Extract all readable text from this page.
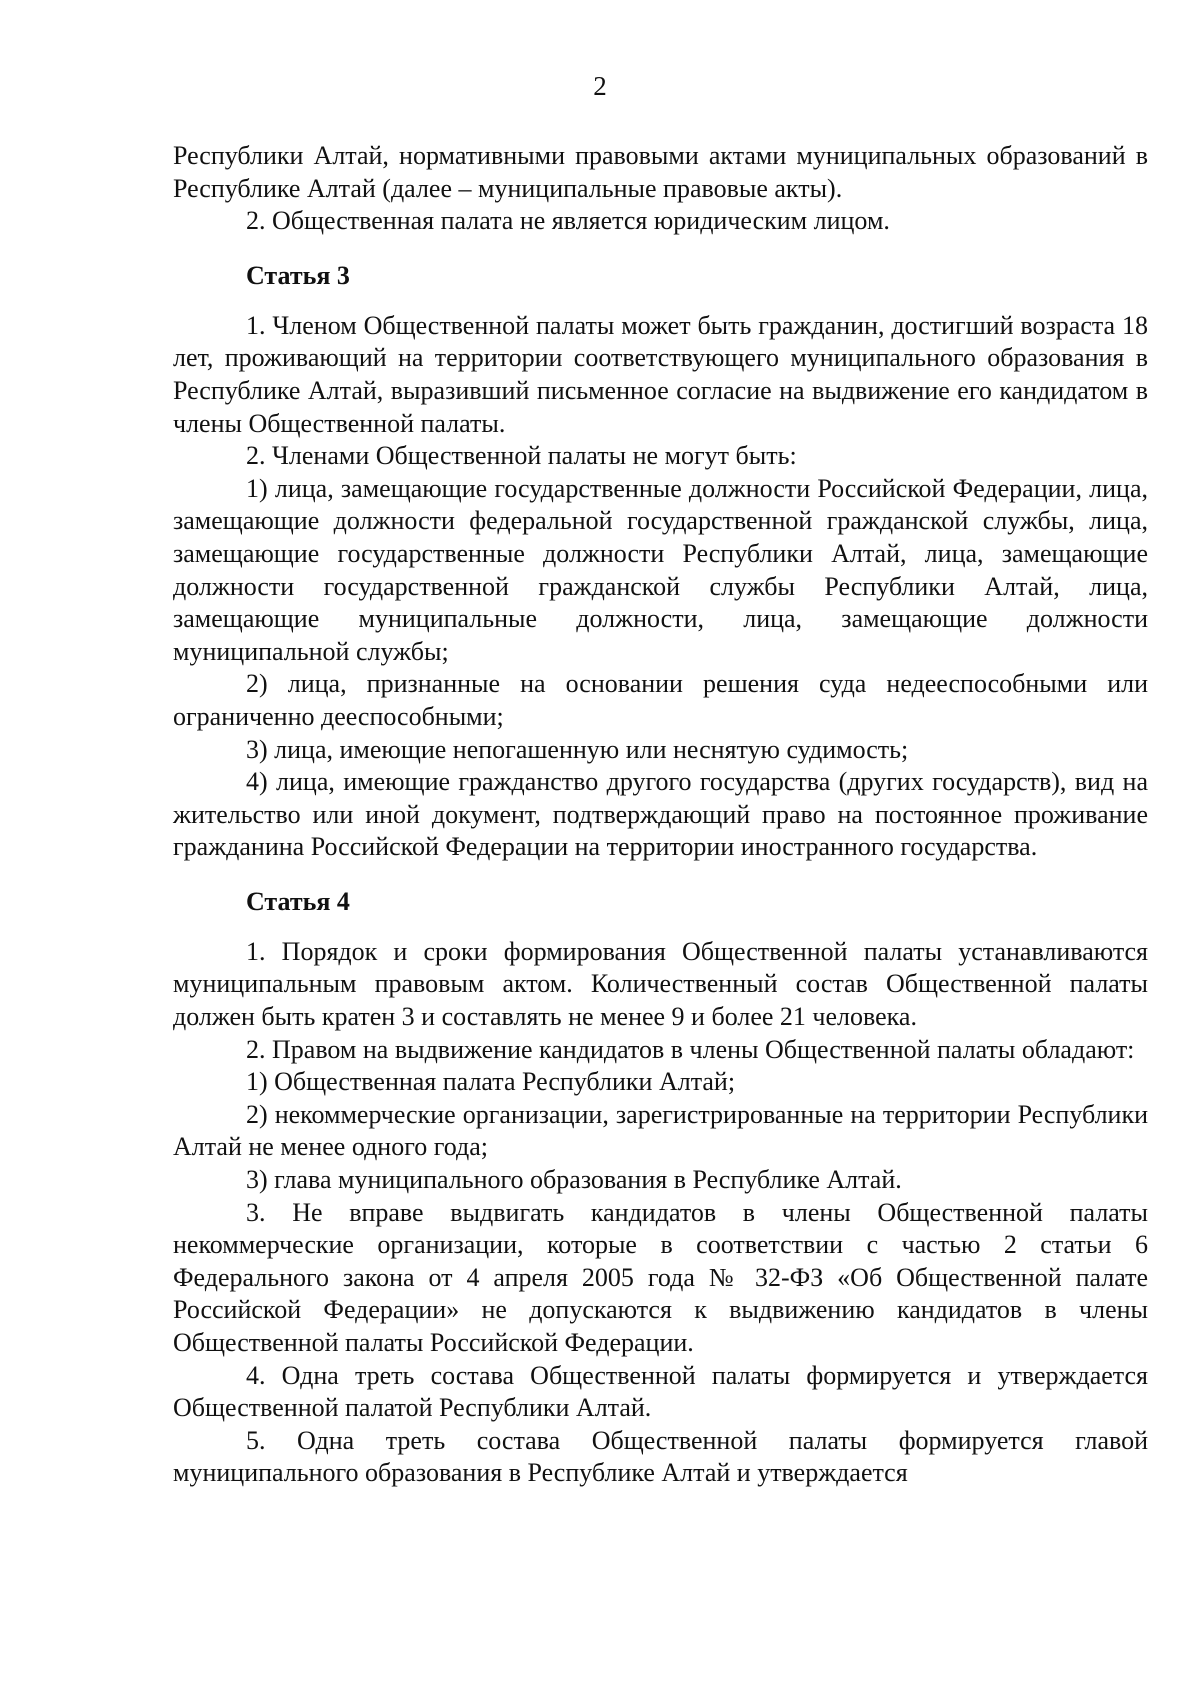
2

Республики Алтай, нормативными правовыми актами муниципальных образований в Республике Алтай (далее – муниципальные правовые акты).

2. Общественная палата не является юридическим лицом.

Статья 3

1. Членом Общественной палаты может быть гражданин, достигший возраста 18 лет, проживающий на территории соответствующего муниципального образования в Республике Алтай, выразивший письменное согласие на выдвижение его кандидатом в члены Общественной палаты.

2. Членами Общественной палаты не могут быть:

1) лица, замещающие государственные должности Российской Федерации, лица, замещающие должности федеральной государственной гражданской службы, лица, замещающие государственные должности Республики Алтай, лица, замещающие должности государственной гражданской службы Республики Алтай, лица, замещающие муниципальные должности, лица, замещающие должности муниципальной службы;

2) лица, признанные на основании решения суда недееспособными или ограниченно дееспособными;

3) лица, имеющие непогашенную или неснятую судимость;

4) лица, имеющие гражданство другого государства (других государств), вид на жительство или иной документ, подтверждающий право на постоянное проживание гражданина Российской Федерации на территории иностранного государства.

Статья 4

1. Порядок и сроки формирования Общественной палаты устанавливаются муниципальным правовым актом. Количественный состав Общественной палаты должен быть кратен 3 и составлять не менее 9 и более 21 человека.

2. Правом на выдвижение кандидатов в члены Общественной палаты обладают:

1) Общественная палата Республики Алтай;

2) некоммерческие организации, зарегистрированные на территории Республики Алтай не менее одного года;

3) глава муниципального образования в Республике Алтай.

3. Не вправе выдвигать кандидатов в члены Общественной палаты некоммерческие организации, которые в соответствии с частью 2 статьи 6 Федерального закона от 4 апреля 2005 года № 32-ФЗ «Об Общественной палате Российской Федерации» не допускаются к выдвижению кандидатов в члены Общественной палаты Российской Федерации.

4. Одна треть состава Общественной палаты формируется и утверждается Общественной палатой Республики Алтай.

5. Одна треть состава Общественной палаты формируется главой муниципального образования в Республике Алтай и утверждается
